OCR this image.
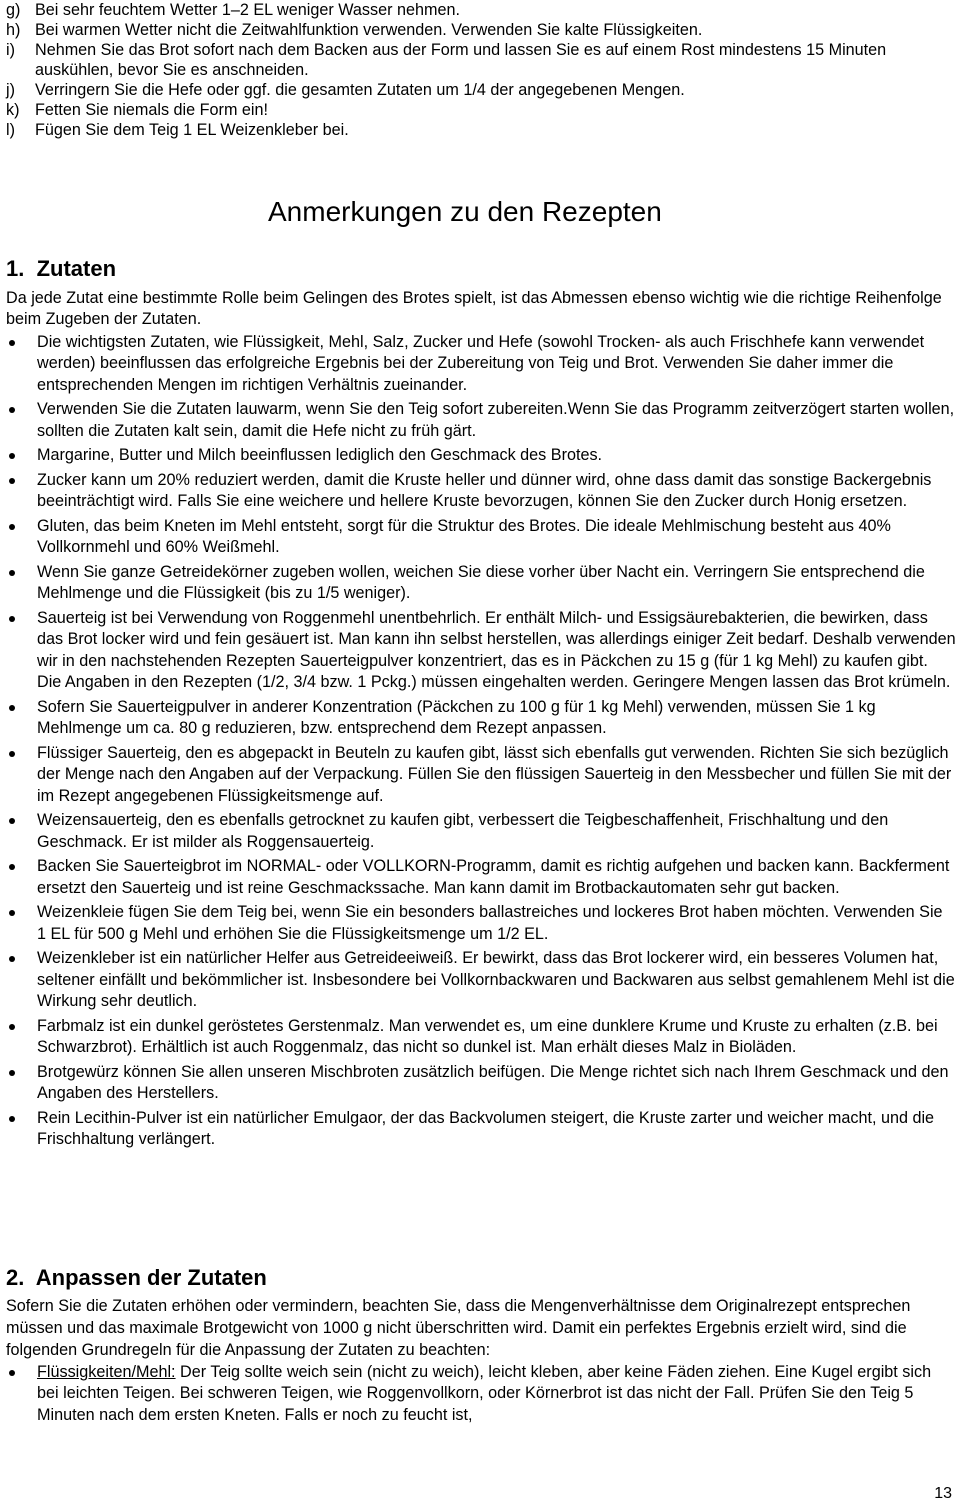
g) Bei sehr feuchtem Wetter 1–2 EL weniger Wasser nehmen.
h) Bei warmen Wetter nicht die Zeitwahlfunktion verwenden. Verwenden Sie kalte Flüssigkeiten.
i) Nehmen Sie das Brot sofort nach dem Backen aus der Form und lassen Sie es auf einem Rost mindestens 15 Minuten auskühlen, bevor Sie es anschneiden.
j) Verringern Sie die Hefe oder ggf. die gesamten Zutaten um 1/4 der angegebenen Mengen.
k) Fetten Sie niemals die Form ein!
l) Fügen Sie dem Teig 1 EL Weizenkleber bei.
Anmerkungen zu den Rezepten
1. Zutaten

Da jede Zutat eine bestimmte Rolle beim Gelingen des Brotes spielt, ist das Abmessen ebenso wichtig wie die richtige Reihenfolge beim Zugeben der Zutaten.

Die wichtigsten Zutaten, wie Flüssigkeit, Mehl, Salz, Zucker und Hefe (sowohl Trocken- als auch Frischhefe kann verwendet werden) beeinflussen das erfolgreiche Ergebnis bei der Zubereitung von Teig und Brot. Verwenden Sie daher immer die entsprechenden Mengen im richtigen Verhältnis zueinander.
Verwenden Sie die Zutaten lauwarm, wenn Sie den Teig sofort zubereiten.Wenn Sie das Programm zeitverzögert starten wollen, sollten die Zutaten kalt sein, damit die Hefe nicht zu früh gärt.
Margarine, Butter und Milch beeinflussen lediglich den Geschmack des Brotes.
Zucker kann um 20% reduziert werden, damit die Kruste heller und dünner wird, ohne dass damit das sonstige Backergebnis beeinträchtigt wird. Falls Sie eine weichere und hellere Kruste bevorzugen, können Sie den Zucker durch Honig ersetzen.
Gluten, das beim Kneten im Mehl entsteht, sorgt für die Struktur des Brotes. Die ideale Mehlmischung besteht aus 40% Vollkornmehl und 60% Weißmehl.
Wenn Sie ganze Getreidekörner zugeben wollen, weichen Sie diese vorher über Nacht ein. Verringern Sie entsprechend die Mehlmenge und die Flüssigkeit (bis zu 1/5 weniger).
Sauerteig ist bei Verwendung von Roggenmehl unentbehrlich. Er enthält Milch- und Essigsäurebakterien, die bewirken, dass das Brot locker wird und fein gesäuert ist. Man kann ihn selbst herstellen, was allerdings einiger Zeit bedarf. Deshalb verwenden wir in den nachstehenden Rezepten Sauerteigpulver konzentriert, das es in Päckchen zu 15 g (für 1 kg Mehl) zu kaufen gibt. Die Angaben in den Rezepten (1/2, 3/4 bzw. 1 Pckg.) müssen eingehalten werden. Geringere Mengen lassen das Brot krümeln.
Sofern Sie Sauerteigpulver in anderer Konzentration (Päckchen zu 100 g für 1 kg Mehl) verwenden, müssen Sie 1 kg Mehlmenge um ca. 80 g reduzieren, bzw. entsprechend dem Rezept anpassen.
Flüssiger Sauerteig, den es abgepackt in Beuteln zu kaufen gibt, lässt sich ebenfalls gut verwenden. Richten Sie sich bezüglich der Menge nach den Angaben auf der Verpackung. Füllen Sie den flüssigen Sauerteig in den Messbecher und füllen Sie mit der im Rezept angegebenen Flüssigkeitsmenge auf.
Weizensauerteig, den es ebenfalls getrocknet zu kaufen gibt, verbessert die Teigbeschaffenheit, Frischhaltung und den Geschmack. Er ist milder als Roggensauerteig.
Backen Sie Sauerteigbrot im NORMAL- oder VOLLKORN-Programm, damit es richtig aufgehen und backen kann. Backferment ersetzt den Sauerteig und ist reine Geschmackssache. Man kann damit im Brotbackautomaten sehr gut backen.
Weizenkleie fügen Sie dem Teig bei, wenn Sie ein besonders ballastreiches und lockeres Brot haben möchten. Verwenden Sie 1 EL für 500 g Mehl und erhöhen Sie die Flüssigkeitsmenge um 1/2 EL.
Weizenkleber ist ein natürlicher Helfer aus Getreideeiweiß. Er bewirkt, dass das Brot lockerer wird, ein besseres Volumen hat, seltener einfällt und bekömmlicher ist. Insbesondere bei Vollkornbackwaren und Backwaren aus selbst gemahlenem Mehl ist die Wirkung sehr deutlich.
Farbmalz ist ein dunkel geröstetes Gerstenmalz. Man verwendet es, um eine dunklere Krume und Kruste zu erhalten (z.B. bei Schwarzbrot). Erhältlich ist auch Roggenmalz, das nicht so dunkel ist. Man erhält dieses Malz in Bioläden.
Brotgewürz können Sie allen unseren Mischbroten zusätzlich beifügen. Die Menge richtet sich nach Ihrem Geschmack und den Angaben des Herstellers.
Rein Lecithin-Pulver ist ein natürlicher Emulgaor, der das Backvolumen steigert, die Kruste zarter und weicher macht, und die Frischhaltung verlängert.
2. Anpassen der Zutaten

Sofern Sie die Zutaten erhöhen oder vermindern, beachten Sie, dass die Mengenverhältnisse dem Originalrezept entsprechen müssen und das maximale Brotgewicht von 1000 g nicht überschritten wird. Damit ein perfektes Ergebnis erzielt wird, sind die folgenden Grundregeln für die Anpassung der Zutaten zu beachten:

Flüssigkeiten/Mehl: Der Teig sollte weich sein (nicht zu weich), leicht kleben, aber keine Fäden ziehen. Eine Kugel ergibt sich bei leichten Teigen. Bei schweren Teigen, wie Roggenvollkorn, oder Körnerbrot ist das nicht der Fall. Prüfen Sie den Teig 5 Minuten nach dem ersten Kneten. Falls er noch zu feucht ist,
13
